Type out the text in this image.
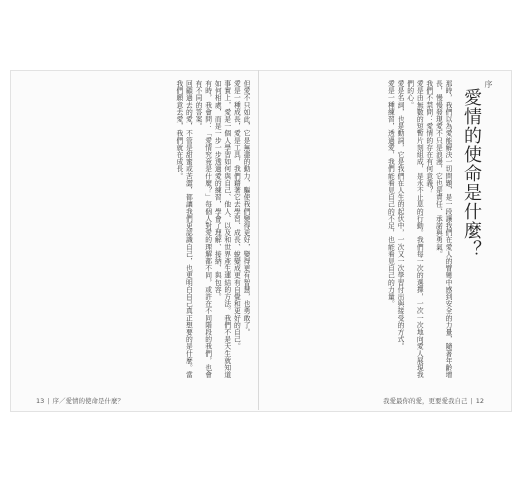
但愛不只如此，它是無盡的動力，驅使我們變得更好，變得更有智慧，也勇敢了。
愛是一種成長，愛是工具，我們藉著它去學習、成長、蛻變成更有自覺和更好的自己。
事實上，愛是一個人學習如何與自己、他人、以及和世界產生連結的方法。我們不是天生就知道如何相處，而是一步一步透過愛的練習，學會了理解、接納、與包容。
有時，我會問：「愛情究竟是什麼？」每個人對愛的理解都不同，或許在不同階段的我們，也會有不同的答案。
回顧過去的愛，不管是甜蜜或苦澀，都讓我們更認識自己，也更明白自己真正想要的是什麼。當我們願意去愛，我們就在成長。	序
愛情的使命是什麼？
那時，我們以為愛能解決一切問題，是一段讓我們在愛人的臂彎中感到安全的力量，隨著年齡增長，慢慢發現愛不只是浪漫，它也是責任、承諾與勇氣。
我們不禁問：愛情的存在有何意義？
愛是由無數的短暫片刻組成，是永不止息的行動。我們每一次的選擇，一次一次地向愛人展現我們的心。
愛是名詞，也是動詞，它是我們在人生的起伏中，一次又一次學習付出與接受的方式。
愛是一種練習，透過愛，我們能看見自己的不足，也能看見自己的力量。
13 | 序／愛情的使命是什麼？	我愛最你的愛，更要愛我自己 | 12
